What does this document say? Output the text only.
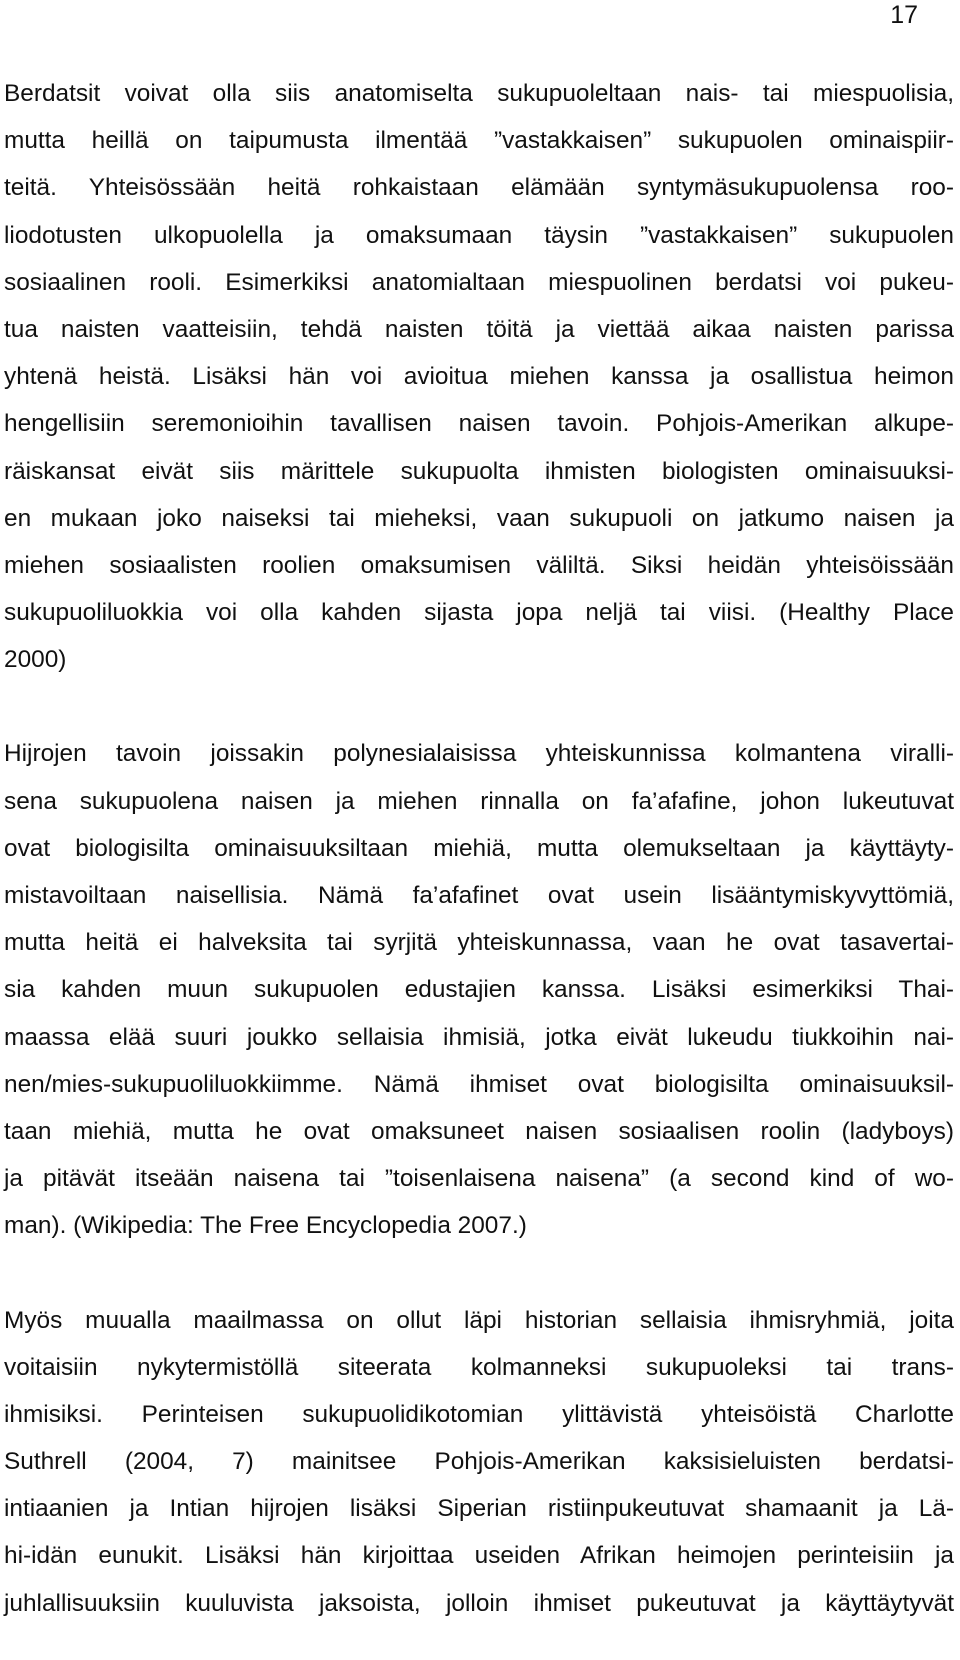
17

Berdatsit voivat olla siis anatomiselta sukupuoleltaan nais- tai miespuolisia,
mutta heillä on taipumusta ilmentää ”vastakkaisen” sukupuolen ominaispiir-
teitä. Yhteisössään heitä rohkaistaan elämään syntymäsukupuolensa roo-
liodotusten ulkopuolella ja omaksumaan täysin ”vastakkaisen” sukupuolen
sosiaalinen rooli. Esimerkiksi anatomialtaan miespuolinen berdatsi voi pukeu-
tua naisten vaatteisiin, tehdä naisten töitä ja viettää aikaa naisten parissa
yhtenä heistä. Lisäksi hän voi avioitua miehen kanssa ja osallistua heimon
hengellisiin seremonioihin tavallisen naisen tavoin. Pohjois-Amerikan alkupe-
räiskansat eivät siis märittele sukupuolta ihmisten biologisten ominaisuuksi-
en mukaan joko naiseksi tai mieheksi, vaan sukupuoli on jatkumo naisen ja
miehen sosiaalisten roolien omaksumisen väliltä. Siksi heidän yhteisöissään
sukupuoliluokkia voi olla kahden sijasta jopa neljä tai viisi. (Healthy Place
2000)

Hijrojen tavoin joissakin polynesialaisissa yhteiskunnissa kolmantena viralli-
sena sukupuolena naisen ja miehen rinnalla on fa’afafine, johon lukeutuvat
ovat biologisilta ominaisuuksiltaan miehiä, mutta olemukseltaan ja käyttäyty-
mistavoiltaan naisellisia. Nämä fa’afafinet ovat usein lisääntymiskyvyttömiä,
mutta heitä ei halveksita tai syrjitä yhteiskunnassa, vaan he ovat tasavertai-
sia kahden muun sukupuolen edustajien kanssa. Lisäksi esimerkiksi Thai-
maassa elää suuri joukko sellaisia ihmisiä, jotka eivät lukeudu tiukkoihin nai-
nen/mies-sukupuoliluokkiimme. Nämä ihmiset ovat biologisilta ominaisuuksil-
taan miehiä, mutta he ovat omaksuneet naisen sosiaalisen roolin (ladyboys)
ja pitävät itseään naisena tai ”toisenlaisena naisena” (a second kind of wo-
man). (Wikipedia: The Free Encyclopedia 2007.)

Myös muualla maailmassa on ollut läpi historian sellaisia ihmisryhmiä, joita
voitaisiin nykytermistöllä siteerata kolmanneksi sukupuoleksi tai trans-
ihmisiksi. Perinteisen sukupuolidikotomian ylittävistä yhteisöistä Charlotte
Suthrell (2004, 7) mainitsee Pohjois-Amerikan kaksisieluisten berdatsi-
intiaanien ja Intian hijrojen lisäksi Siperian ristiinpukeutuvat shamaanit ja Lä-
hi-idän eunukit. Lisäksi hän kirjoittaa useiden Afrikan heimojen perinteisiin ja
juhlallisuuksiin kuuluvista jaksoista, jolloin ihmiset pukeutuvat ja käyttäytyvät
